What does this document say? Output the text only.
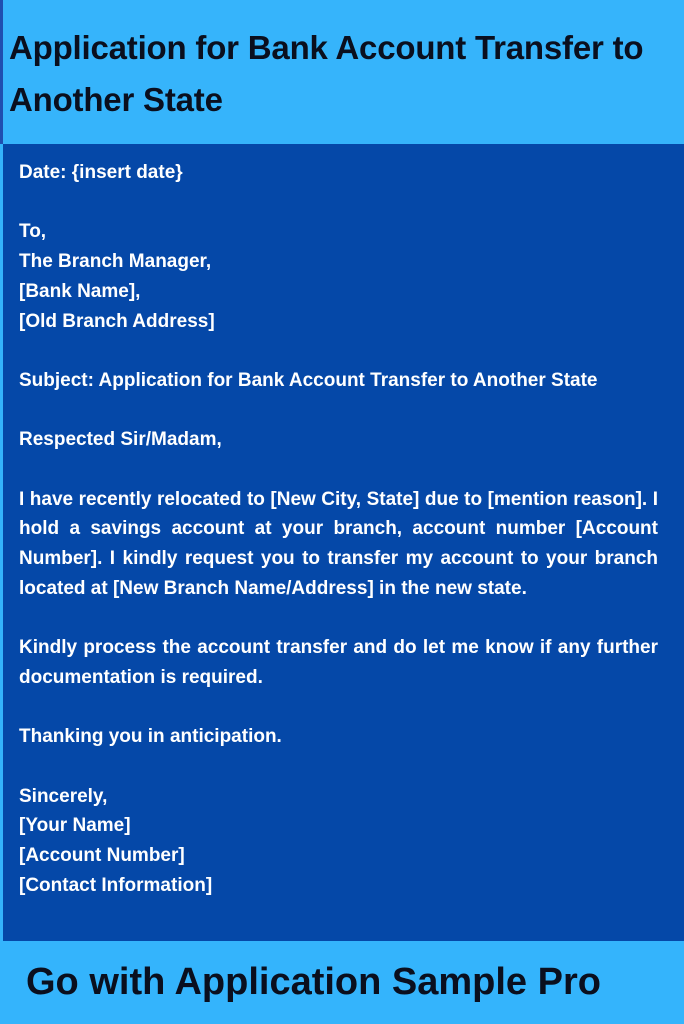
Application for Bank Account Transfer to Another State

Date: {insert date}

To,
The Branch Manager,
[Bank Name],
[Old Branch Address]

Subject: Application for Bank Account Transfer to Another State

Respected Sir/Madam,

I have recently relocated to [New City, State] due to [mention reason]. I hold a savings account at your branch, account number [Account Number]. I kindly request you to transfer my account to your branch located at [New Branch Name/Address] in the new state.

Kindly process the account transfer and do let me know if any further documentation is required.

Thanking you in anticipation.

Sincerely,
[Your Name]
[Account Number]
[Contact Information]

Go with Application Sample Pro
